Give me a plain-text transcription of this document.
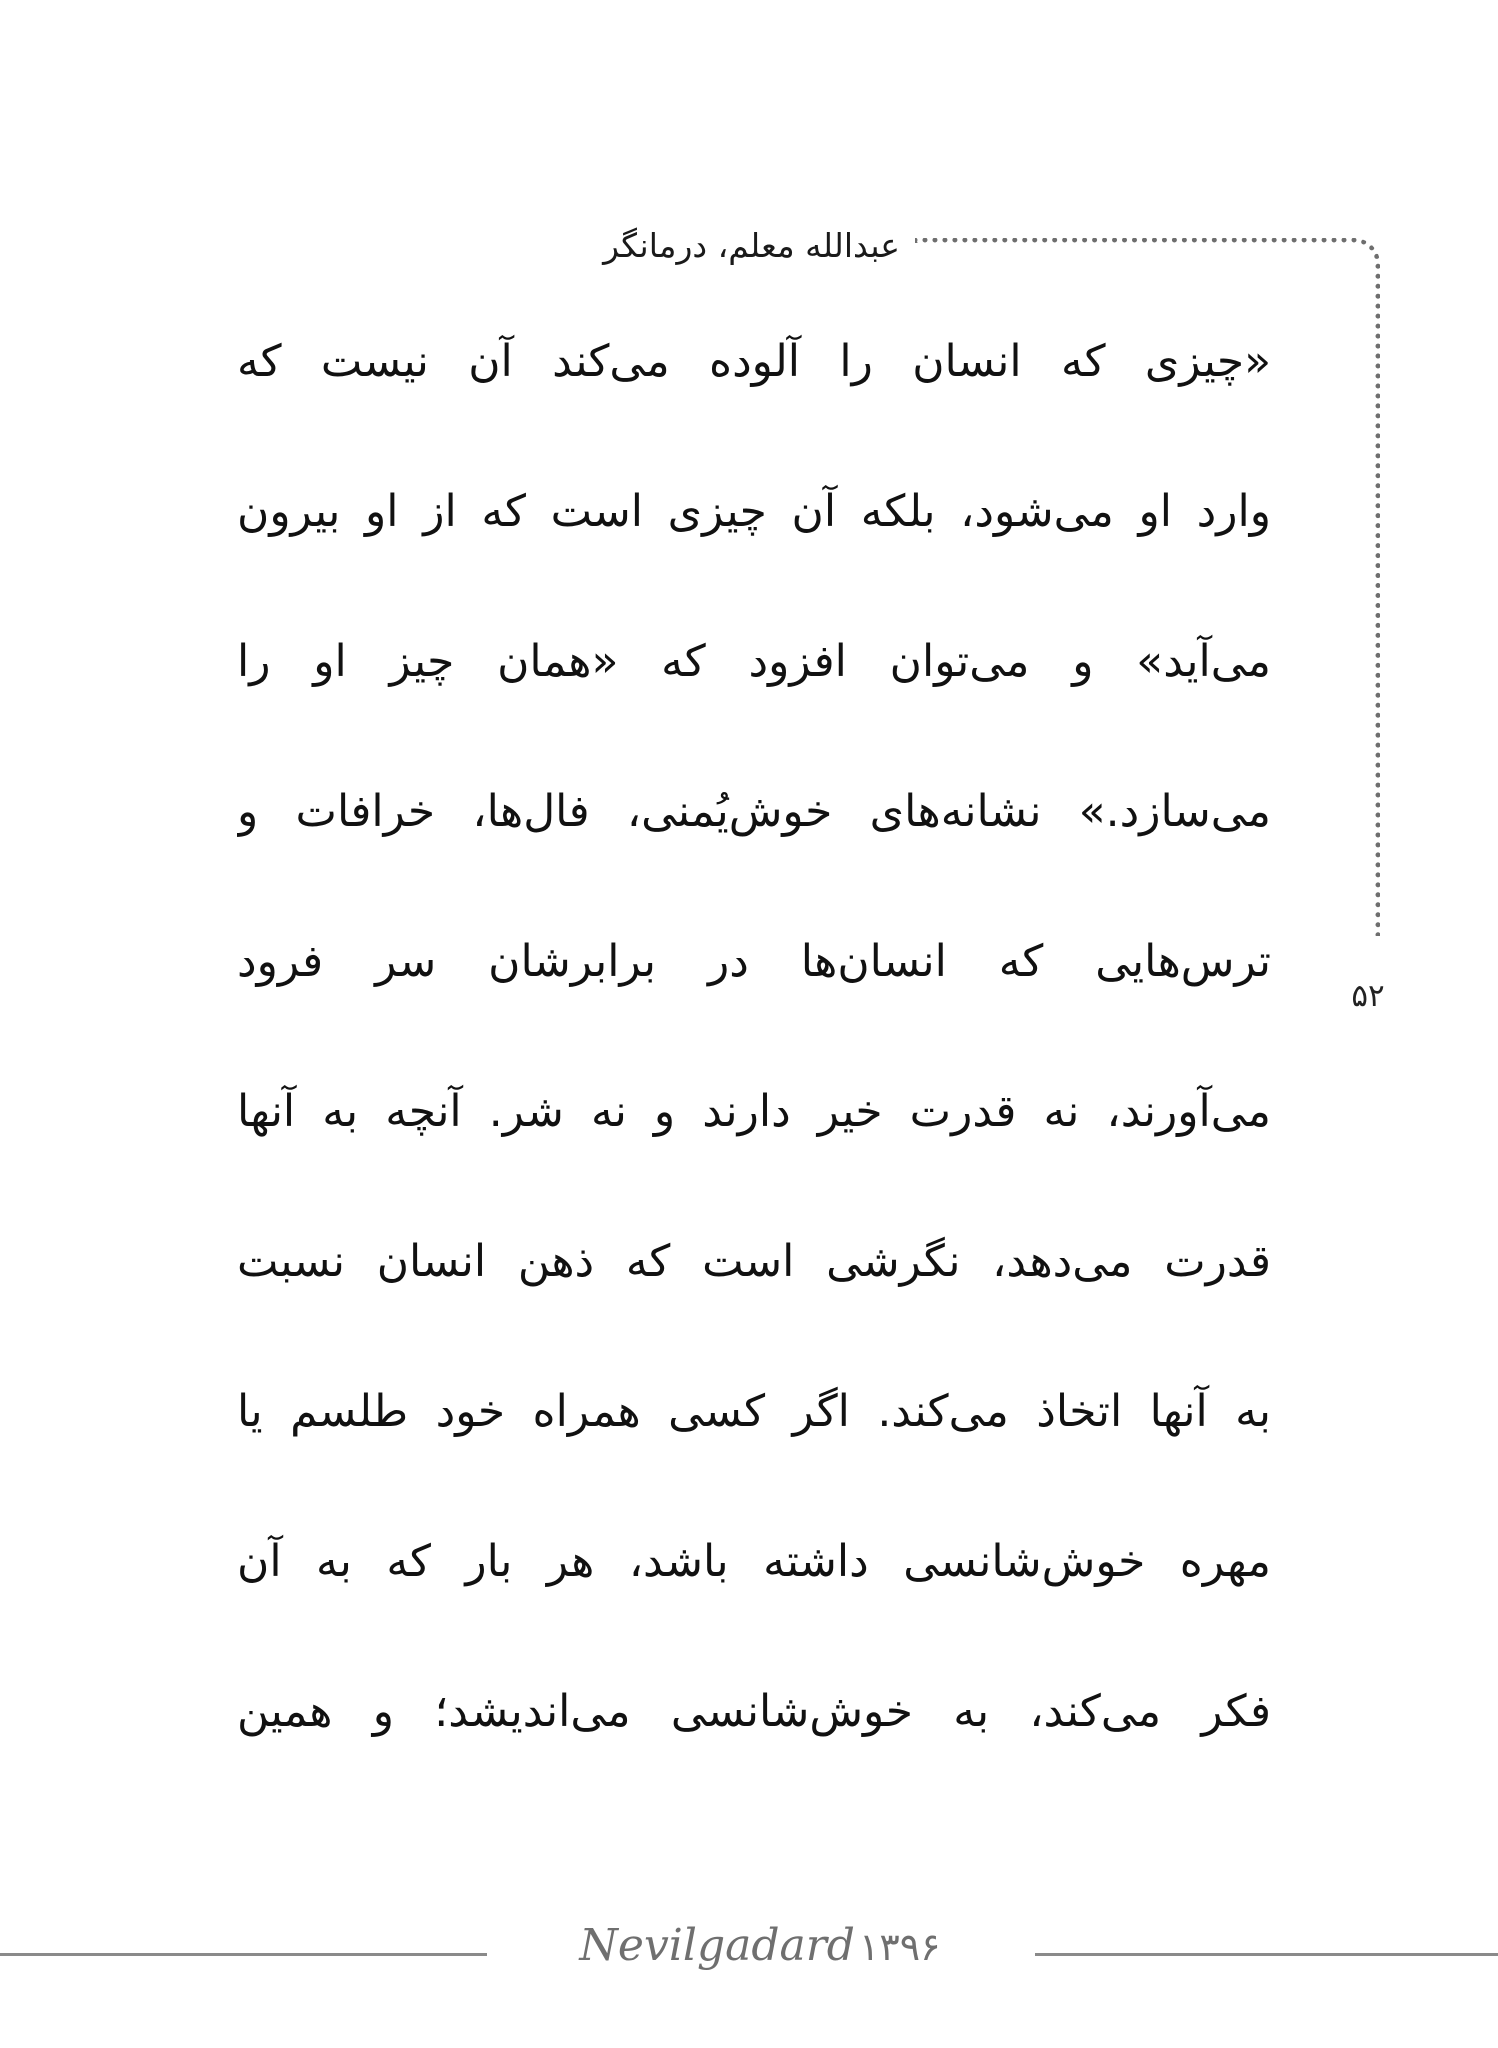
عبدالله معلم، درمانگر
۵۲
«چیزی که انسان را آلوده می‌کند آن نیست که
وارد او می‌شود، بلکه آن چیزی است که از او بیرون
می‌آید» و می‌توان افزود که «همان چیز او را
می‌سازد.» نشانه‌های خوش‌یُمنی، فال‌ها، خرافات و
ترس‌هایی که انسان‌ها در برابرشان سر فرود
می‌آورند، نه قدرت خیر دارند و نه شر. آنچه به آنها
قدرت می‌دهد، نگرشی است که ذهن انسان نسبت
به آنها اتخاذ می‌کند. اگر کسی همراه خود طلسم یا
مهره خوش‌شانسی داشته باشد، هر بار که به آن
فکر می‌کند، به خوش‌شانسی می‌اندیشد؛ و همین
Nevilgadard ۱۳۹۶
